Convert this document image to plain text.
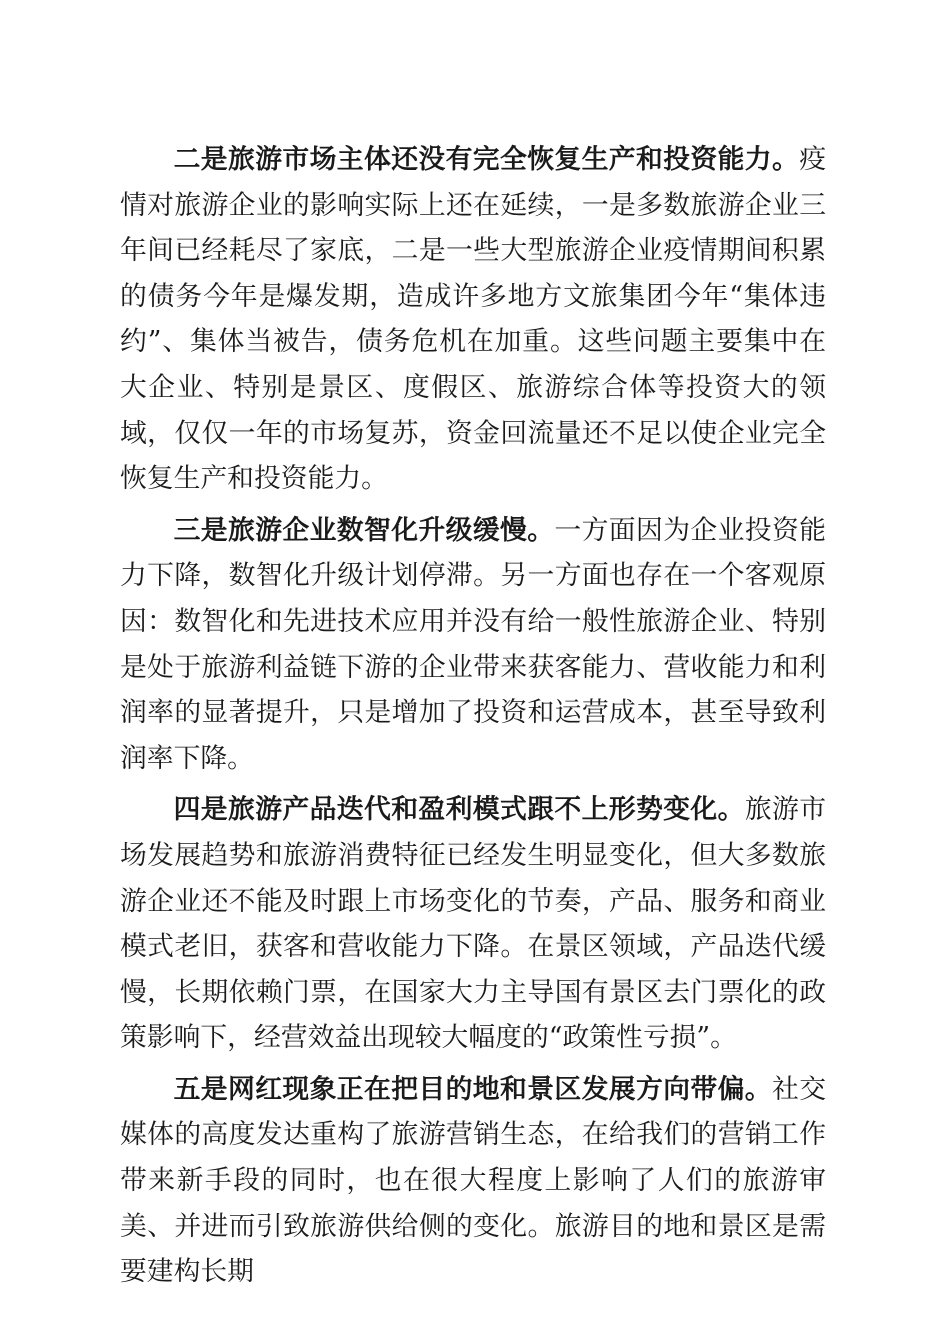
二是旅游市场主体还没有完全恢复生产和投资能力。疫情对旅游企业的影响实际上还在延续，一是多数旅游企业三年间已经耗尽了家底，二是一些大型旅游企业疫情期间积累的债务今年是爆发期，造成许多地方文旅集团今年“集体违约”、集体当被告，债务危机在加重。这些问题主要集中在大企业、特别是景区、度假区、旅游综合体等投资大的领域，仅仅一年的市场复苏，资金回流量还不足以使企业完全恢复生产和投资能力。

三是旅游企业数智化升级缓慢。一方面因为企业投资能力下降，数智化升级计划停滞。另一方面也存在一个客观原因：数智化和先进技术应用并没有给一般性旅游企业、特别是处于旅游利益链下游的企业带来获客能力、营收能力和利润率的显著提升，只是增加了投资和运营成本，甚至导致利润率下降。

四是旅游产品迭代和盈利模式跟不上形势变化。旅游市场发展趋势和旅游消费特征已经发生明显变化，但大多数旅游企业还不能及时跟上市场变化的节奏，产品、服务和商业模式老旧，获客和营收能力下降。在景区领域，产品迭代缓慢，长期依赖门票，在国家大力主导国有景区去门票化的政策影响下，经营效益出现较大幅度的“政策性亏损”。

五是网红现象正在把目的地和景区发展方向带偏。社交媒体的高度发达重构了旅游营销生态，在给我们的营销工作带来新手段的同时，也在很大程度上影响了人们的旅游审美、并进而引致旅游供给侧的变化。旅游目的地和景区是需要建构长期
